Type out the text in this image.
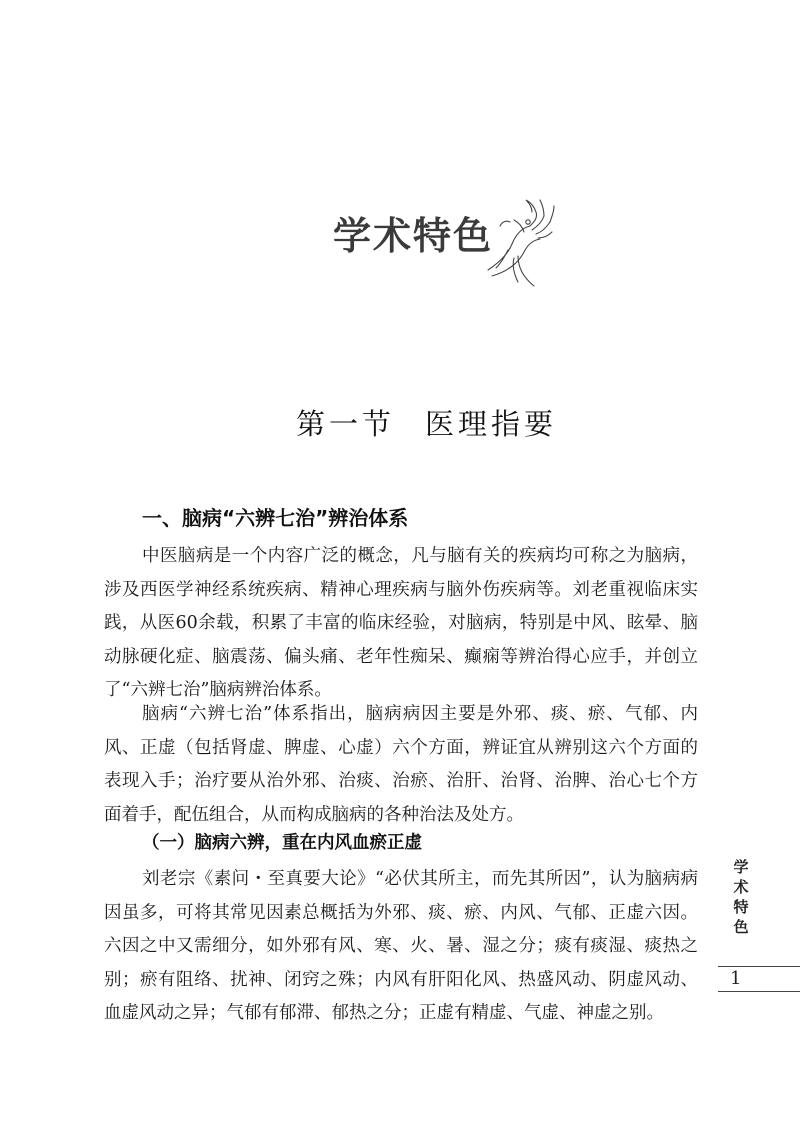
学术特色
第一节 医理指要
一、脑病“六辨七治”辨治体系
中医脑病是一个内容广泛的概念，凡与脑有关的疾病均可称之为脑病，
涉及西医学神经系统疾病、精神心理疾病与脑外伤疾病等。刘老重视临床实
践，从医60余载，积累了丰富的临床经验，对脑病，特别是中风、眩晕、脑
动脉硬化症、脑震荡、偏头痛、老年性痴呆、癫痫等辨治得心应手，并创立
了“六辨七治”脑病辨治体系。
脑病“六辨七治”体系指出，脑病病因主要是外邪、痰、瘀、气郁、内
风、正虚（包括肾虚、脾虚、心虚）六个方面，辨证宜从辨别这六个方面的
表现入手；治疗要从治外邪、治痰、治瘀、治肝、治肾、治脾、治心七个方
面着手，配伍组合，从而构成脑病的各种治法及处方。
（一）脑病六辨，重在内风血瘀正虚
刘老宗《素问・至真要大论》“必伏其所主，而先其所因”，认为脑病病
因虽多，可将其常见因素总概括为外邪、痰、瘀、内风、气郁、正虚六因。
六因之中又需细分，如外邪有风、寒、火、暑、湿之分；痰有痰湿、痰热之
别；瘀有阻络、扰神、闭窍之殊；内风有肝阳化风、热盛风动、阴虚风动、
血虚风动之异；气郁有郁滞、郁热之分；正虚有精虚、气虚、神虚之别。
学
术
特
色
1
